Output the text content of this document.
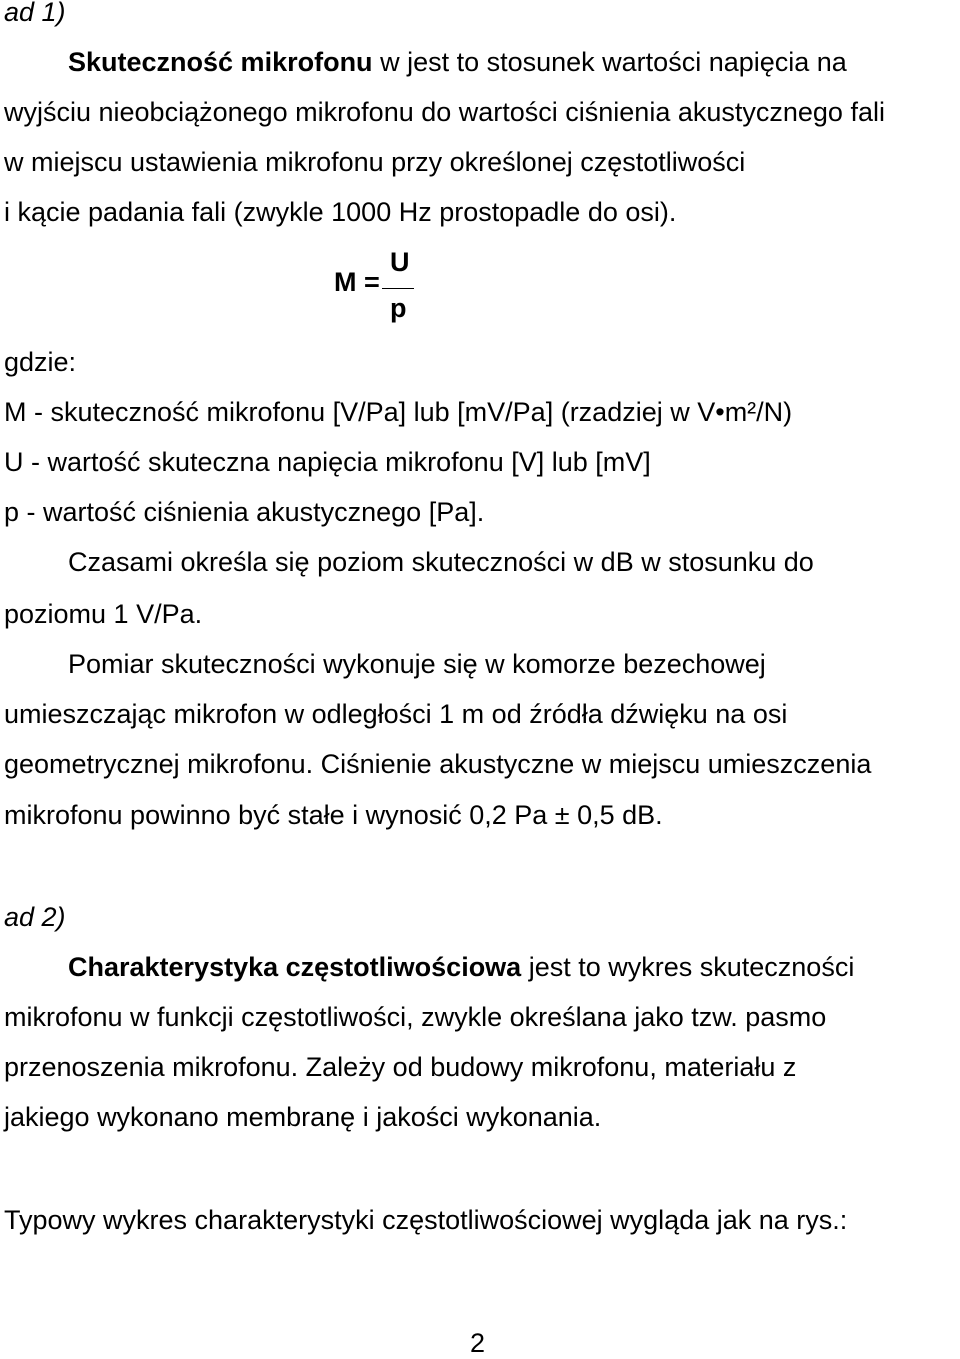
ad 1)
Skuteczność mikrofonu w jest to stosunek wartości napięcia na
wyjściu nieobciążonego mikrofonu do wartości ciśnienia akustycznego fali
w miejscu ustawienia mikrofonu przy określonej częstotliwości
i kącie padania fali (zwykle 1000 Hz prostopadle do osi).
M =
U
p
gdzie:
M - skuteczność mikrofonu [V/Pa] lub [mV/Pa] (rzadziej w V•m²/N)
U - wartość skuteczna napięcia mikrofonu [V] lub [mV]
p - wartość ciśnienia akustycznego [Pa].
Czasami określa się poziom skuteczności w dB w stosunku do
poziomu 1 V/Pa.
Pomiar skuteczności wykonuje się w komorze bezechowej
umieszczając mikrofon w odległości 1 m od źródła dźwięku na osi
geometrycznej mikrofonu. Ciśnienie akustyczne w miejscu umieszczenia
mikrofonu powinno być stałe i wynosić 0,2 Pa ± 0,5 dB.
ad 2)
Charakterystyka częstotliwościowa jest to wykres skuteczności
mikrofonu w funkcji częstotliwości, zwykle określana jako tzw. pasmo
przenoszenia mikrofonu. Zależy od budowy mikrofonu, materiału z
jakiego wykonano membranę i jakości wykonania.
Typowy wykres charakterystyki częstotliwościowej wygląda jak na rys.:
2
